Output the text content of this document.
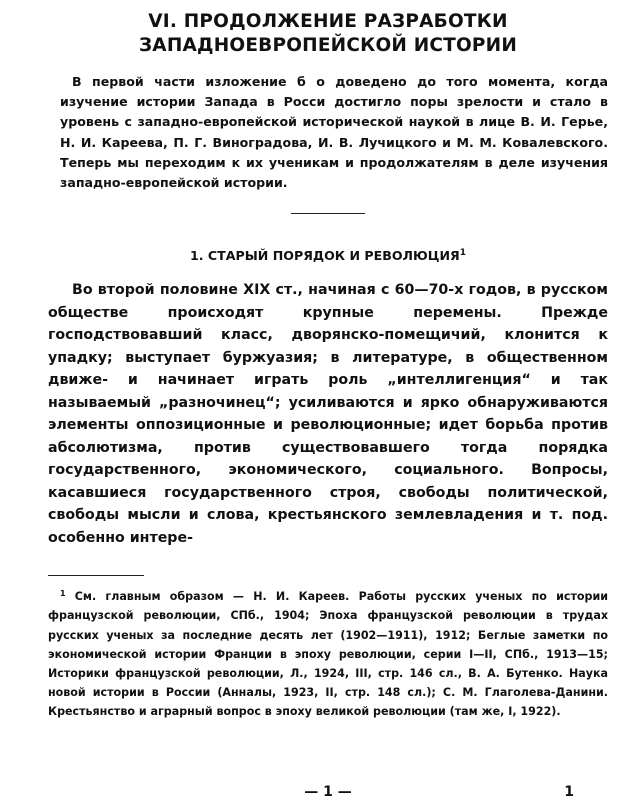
VI. ПРОДОЛЖЕНИЕ РАЗРАБОТКИ
ЗАПАДНОЕВРОПЕЙСКОЙ ИСТОРИИ

В первой части изложение б о доведено до того момента, когда изучение истории Запада в Росси достигло поры зрелости и стало в уровень с западно-европейской исторической наукой в лице В. И. Герье, Н. И. Кареева, П. Г. Виноградова, И. В. Лучицкого и М. М. Ковалевского. Теперь мы переходим к их ученикам и продолжателям в деле изучения западно-европейской истории.

1. СТАРЫЙ ПОРЯДОК И РЕВОЛЮЦИЯ$^1$

Во второй половине XIX ст., начиная с 60—70-х годов, в русском обществе происходят крупные перемены. Прежде господствовавший класс, дворянско-помещичий, клонится к упадку; выступает буржуазия; в литературе, в общественном движе- и начинает играть роль „интеллигенция“ и так называемый „разночинец“; усиливаются и ярко обнаруживаются элементы оппозиционные и революционные; идет борьба против абсолютизма, против существовавшего тогда порядка государственного, экономического, социального. Вопросы, касавшиеся государственного строя, свободы политической, свободы мысли и слова, крестьянского землевладения и т. под. особенно интере-

$^1$ См. главным образом — Н. И. Кареев. Работы русских ученых по истории французской революции, СПб., 1904; Эпоха французской революции в трудах русских ученых за последние десять лет (1902—1911), 1912; Беглые заметки по экономической истории Франции в эпоху революции, серии I—II, СПб., 1913—15; Историки французской революции, Л., 1924, III, стр. 146 сл., В. А. Бутенко. Наука новой истории в России (Анналы, 1923, II, стр. 148 сл.); С. М. Глаголева-Данини. Крестьянство и аграрный вопрос в эпоху великой революции (там же, I, 1922).

— 1 —	1
